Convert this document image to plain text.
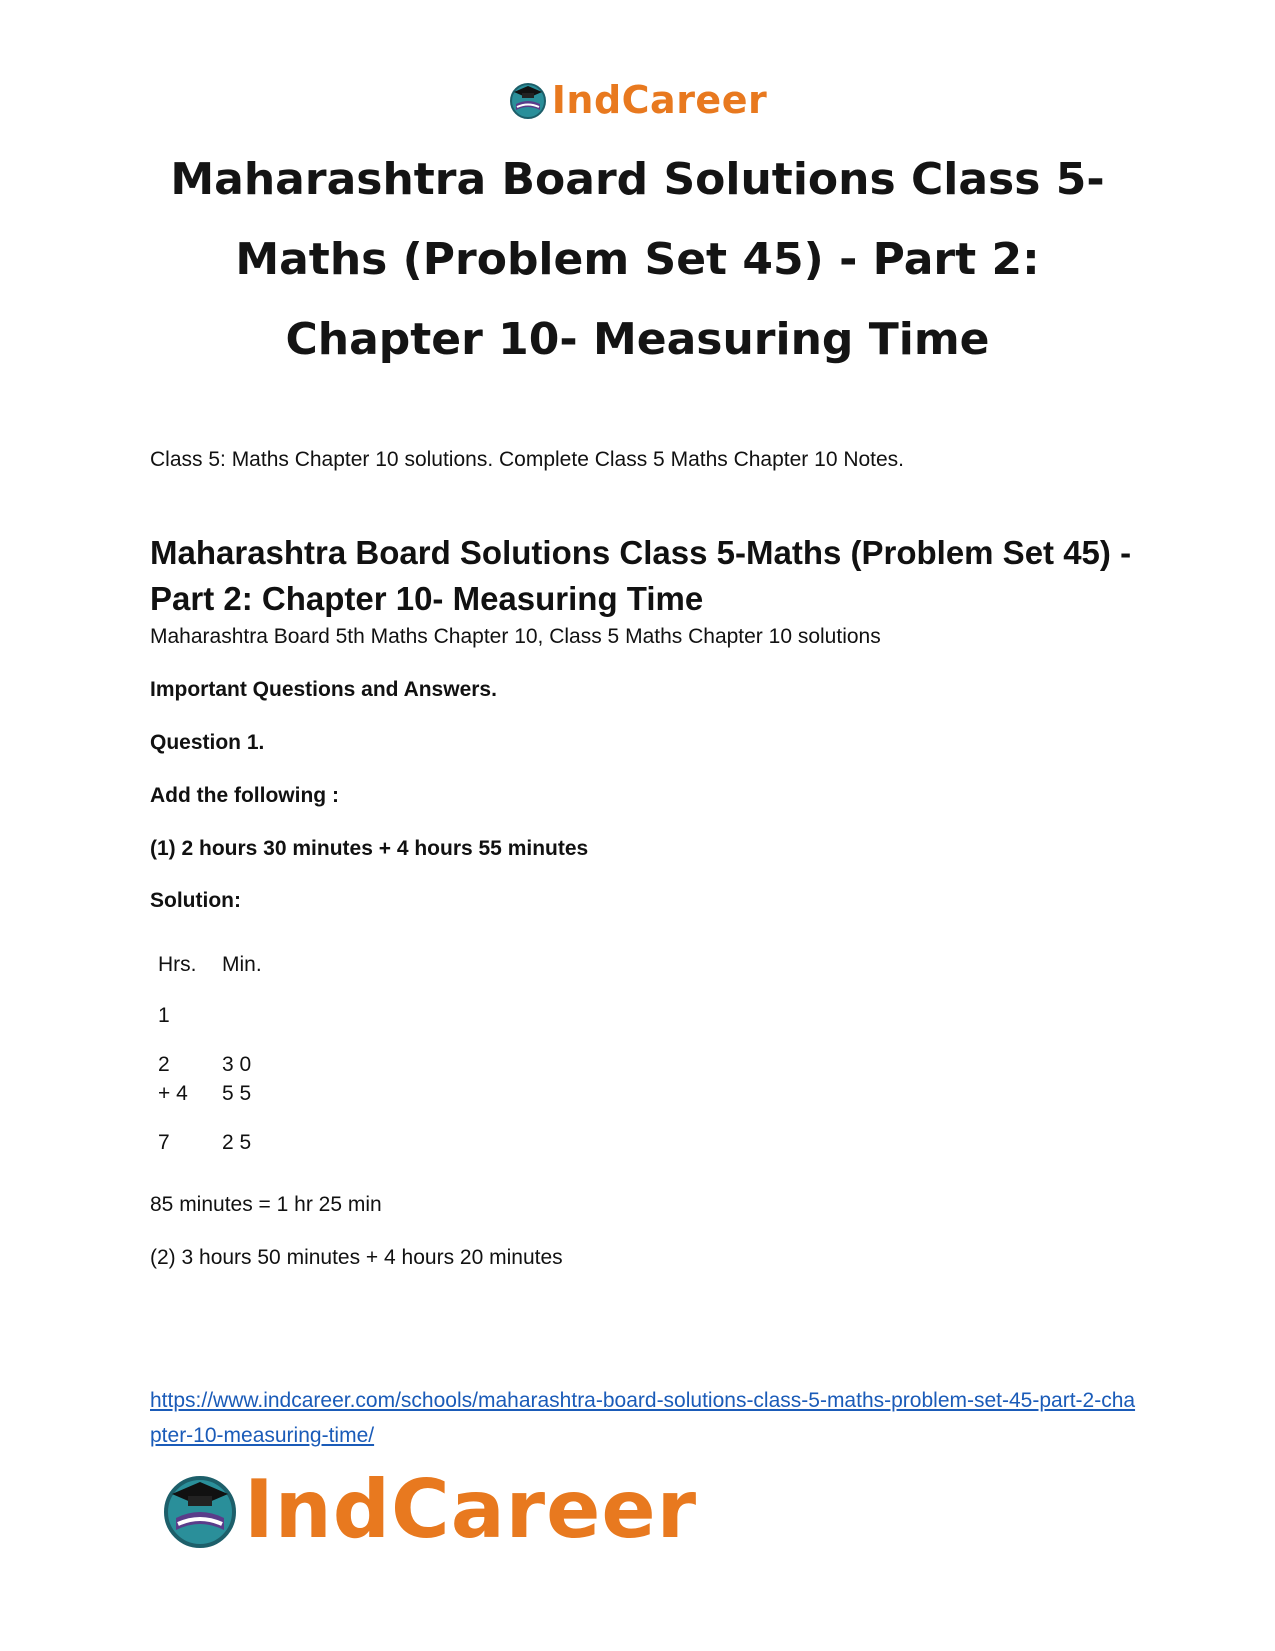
IndCareer
Maharashtra Board Solutions Class 5-Maths (Problem Set 45) - Part 2: Chapter 10- Measuring Time

Class 5: Maths Chapter 10 solutions. Complete Class 5 Maths Chapter 10 Notes.

Maharashtra Board Solutions Class 5-Maths (Problem Set 45) - Part 2: Chapter 10- Measuring Time

Maharashtra Board 5th Maths Chapter 10, Class 5 Maths Chapter 10 solutions

Important Questions and Answers.

Question 1.

Add the following :

(1) 2 hours 30 minutes + 4 hours 55 minutes

Solution:

Hrs. Min.
1
2 3 0
+ 4 5 5
7 2 5

85 minutes = 1 hr 25 min

(2) 3 hours 50 minutes + 4 hours 20 minutes

https://www.indcareer.com/schools/maharashtra-board-solutions-class-5-maths-problem-set-45-part-2-chapter-10-measuring-time/
IndCareer
